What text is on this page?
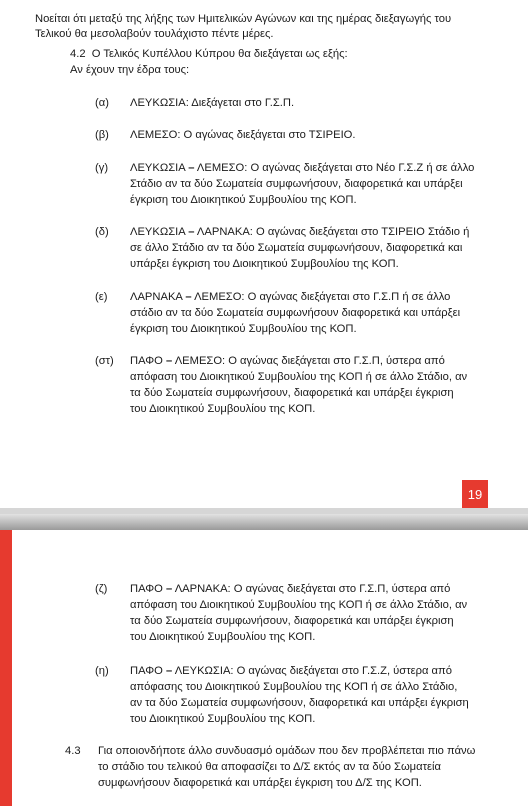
Νοείται ότι μεταξύ της λήξης των Ημιτελικών Αγώνων και της ημέρας διεξαγωγής του
Τελικού θα μεσολαβούν τουλάχιστο πέντε μέρες.
4.2 Ο Τελικός Κυπέλλου Κύπρου θα διεξάγεται ως εξής:
Αν έχουν την έδρα τους:
(α) ΛΕΥΚΩΣΙΑ: Διεξάγεται στο Γ.Σ.Π.
(β) ΛΕΜΕΣΟ: Ο αγώνας διεξάγεται στο ΤΣΙΡΕΙΟ.
(γ) ΛΕΥΚΩΣΙΑ – ΛΕΜΕΣΟ: Ο αγώνας διεξάγεται στο Νέο Γ.Σ.Ζ ή σε άλλο
Στάδιο αν τα δύο Σωματεία συμφωνήσουν, διαφορετικά και υπάρξει
έγκριση του Διοικητικού Συμβουλίου της ΚΟΠ.
(δ) ΛΕΥΚΩΣΙΑ – ΛΑΡΝΑΚΑ: Ο αγώνας διεξάγεται στο ΤΣΙΡΕΙΟ Στάδιο ή
σε άλλο Στάδιο αν τα δύο Σωματεία συμφωνήσουν, διαφορετικά και
υπάρξει έγκριση του Διοικητικού Συμβουλίου της ΚΟΠ.
(ε) ΛΑΡΝΑΚΑ – ΛΕΜΕΣΟ: Ο αγώνας διεξάγεται στο Γ.Σ.Π ή σε άλλο
στάδιο αν τα δύο Σωματεία συμφωνήσουν διαφορετικά και υπάρξει
έγκριση του Διοικητικού Συμβουλίου της ΚΟΠ.
(στ) ΠΑΦΟ – ΛΕΜΕΣΟ: Ο αγώνας διεξάγεται στο Γ.Σ.Π, ύστερα από
απόφαση του Διοικητικού Συμβουλίου της ΚΟΠ ή σε άλλο Στάδιο, αν
τα δύο Σωματεία συμφωνήσουν, διαφορετικά και υπάρξει έγκριση
του Διοικητικού Συμβουλίου της ΚΟΠ.
19
(ζ) ΠΑΦΟ – ΛΑΡΝΑΚΑ: Ο αγώνας διεξάγεται στο Γ.Σ.Π, ύστερα από
απόφαση του Διοικητικού Συμβουλίου της ΚΟΠ ή σε άλλο Στάδιο, αν
τα δύο Σωματεία συμφωνήσουν, διαφορετικά και υπάρξει έγκριση
του Διοικητικού Συμβουλίου της ΚΟΠ.
(η) ΠΑΦΟ – ΛΕΥΚΩΣΙΑ: Ο αγώνας διεξάγεται στο Γ.Σ.Ζ, ύστερα από
απόφασης του Διοικητικού Συμβουλίου της ΚΟΠ ή σε άλλο Στάδιο,
αν τα δύο Σωματεία συμφωνήσουν, διαφορετικά και υπάρξει έγκριση
του Διοικητικού Συμβουλίου της ΚΟΠ.
4.3 Για οποιονδήποτε άλλο συνδυασμό ομάδων που δεν προβλέπεται πιο πάνω
το στάδιο του τελικού θα αποφασίζει το Δ/Σ εκτός αν τα δύο Σωματεία
συμφωνήσουν διαφορετικά και υπάρξει έγκριση του Δ/Σ της ΚΟΠ.
